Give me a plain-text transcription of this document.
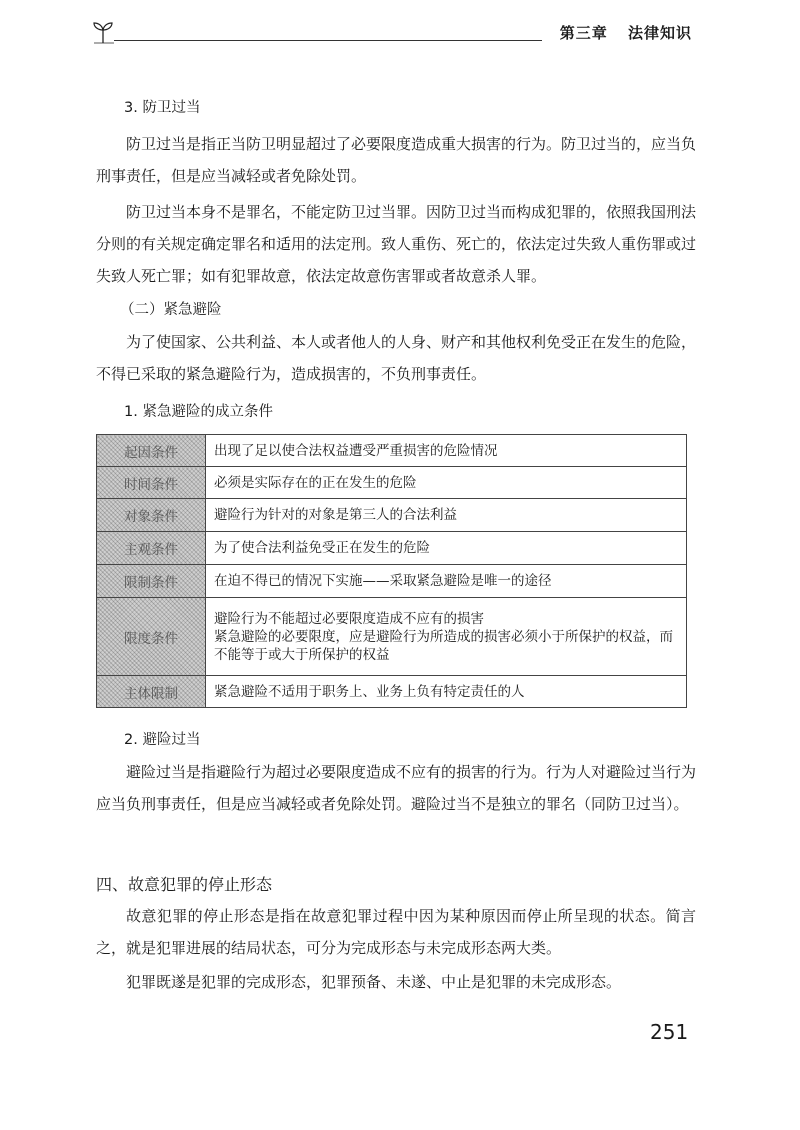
第三章 法律知识
3. 防卫过当

防卫过当是指正当防卫明显超过了必要限度造成重大损害的行为。防卫过当的，应当负刑事责任，但是应当减轻或者免除处罚。

防卫过当本身不是罪名，不能定防卫过当罪。因防卫过当而构成犯罪的，依照我国刑法分则的有关规定确定罪名和适用的法定刑。致人重伤、死亡的，依法定过失致人重伤罪或过失致人死亡罪；如有犯罪故意，依法定故意伤害罪或者故意杀人罪。

（二）紧急避险

为了使国家、公共利益、本人或者他人的人身、财产和其他权利免受正在发生的危险，不得已采取的紧急避险行为，造成损害的，不负刑事责任。

1. 紧急避险的成立条件
起因条件	出现了足以使合法权益遭受严重损害的危险情况
时间条件	必须是实际存在的正在发生的危险
对象条件	避险行为针对的对象是第三人的合法利益
主观条件	为了使合法利益免受正在发生的危险
限制条件	在迫不得已的情况下实施——采取紧急避险是唯一的途径
限度条件	避险行为不能超过必要限度造成不应有的损害
紧急避险的必要限度，应是避险行为所造成的损害必须小于所保护的权益，而不能等于或大于所保护的权益

主体限制	紧急避险不适用于职务上、业务上负有特定责任的人
2. 避险过当

避险过当是指避险行为超过必要限度造成不应有的损害的行为。行为人对避险过当行为应当负刑事责任，但是应当减轻或者免除处罚。避险过当不是独立的罪名（同防卫过当）。

四、故意犯罪的停止形态

故意犯罪的停止形态是指在故意犯罪过程中因为某种原因而停止所呈现的状态。简言之，就是犯罪进展的结局状态，可分为完成形态与未完成形态两大类。

犯罪既遂是犯罪的完成形态，犯罪预备、未遂、中止是犯罪的未完成形态。

251
